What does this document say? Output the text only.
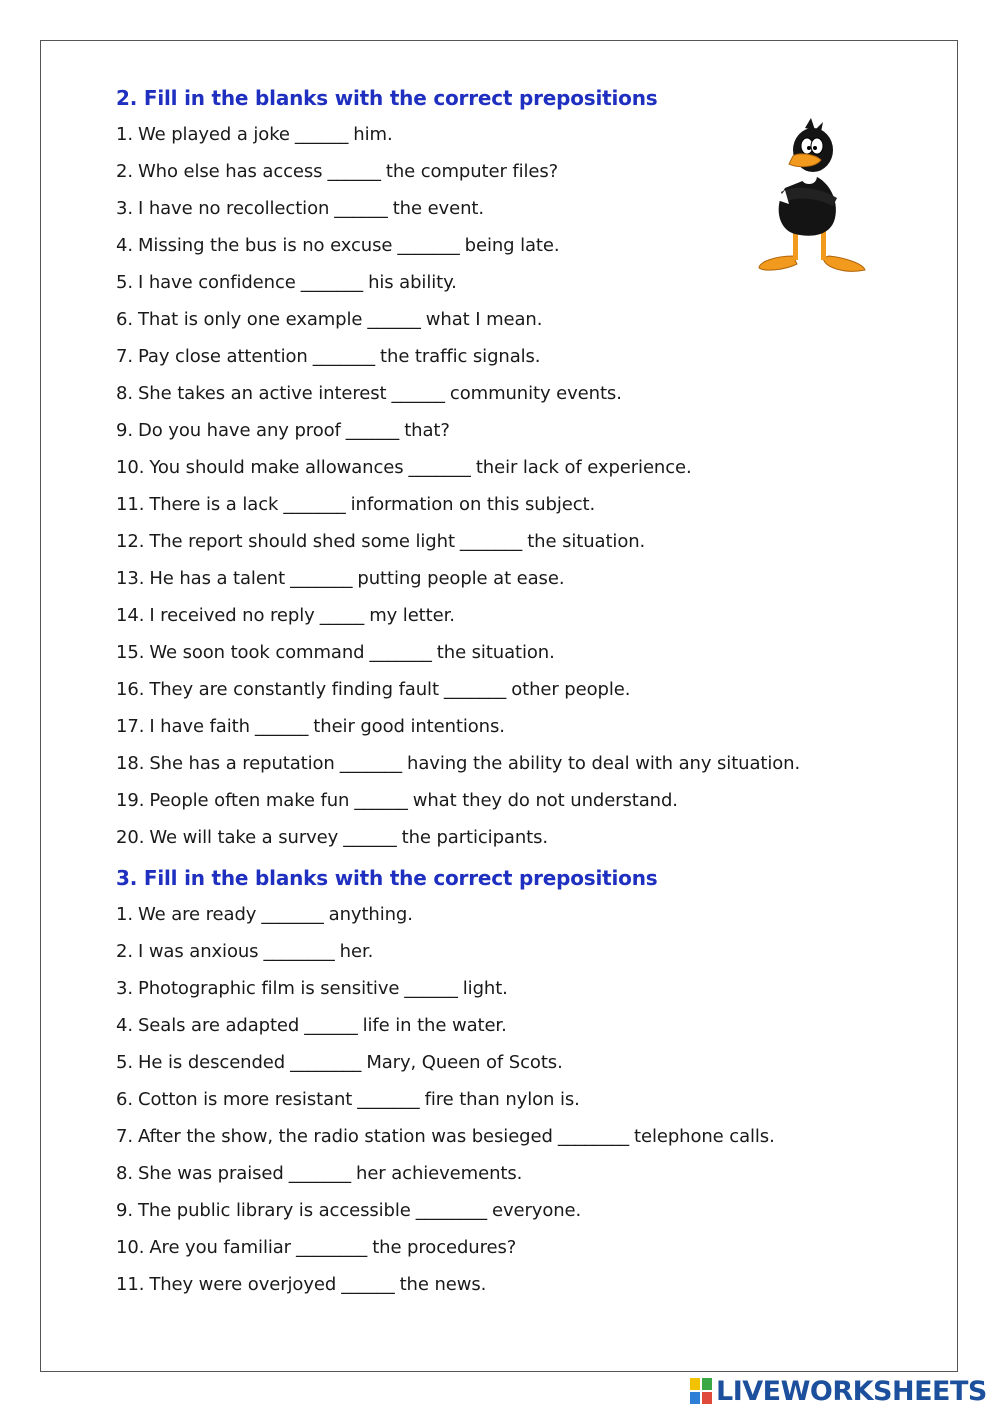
2. Fill in the blanks with the correct prepositions
1. We played a joke ______ him.
2. Who else has access ______ the computer files?
3. I have no recollection ______ the event.
4. Missing the bus is no excuse _______ being late.
5. I have confidence _______ his ability.
6. That is only one example ______ what I mean.
7. Pay close attention _______ the traffic signals.
8. She takes an active interest ______ community events.
9. Do you have any proof ______ that?
10. You should make allowances _______ their lack of experience.
11. There is a lack _______ information on this subject.
12. The report should shed some light _______ the situation.
13. He has a talent _______ putting people at ease.
14. I received no reply _____ my letter.
15. We soon took command _______ the situation.
16. They are constantly finding fault _______ other people.
17. I have faith ______ their good intentions.
18. She has a reputation _______ having the ability to deal with any situation.
19. People often make fun ______ what they do not understand.
20. We will take a survey ______ the participants.
3. Fill in the blanks with the correct prepositions
1. We are ready _______ anything.
2. I was anxious ________ her.
3. Photographic film is sensitive ______ light.
4. Seals are adapted ______ life in the water.
5. He is descended ________ Mary, Queen of Scots.
6. Cotton is more resistant _______ fire than nylon is.
7. After the show, the radio station was besieged ________ telephone calls.
8. She was praised _______ her achievements.
9. The public library is accessible ________ everyone.
10. Are you familiar ________ the procedures?
11. They were overjoyed ______ the news.
LIVEWORKSHEETS
